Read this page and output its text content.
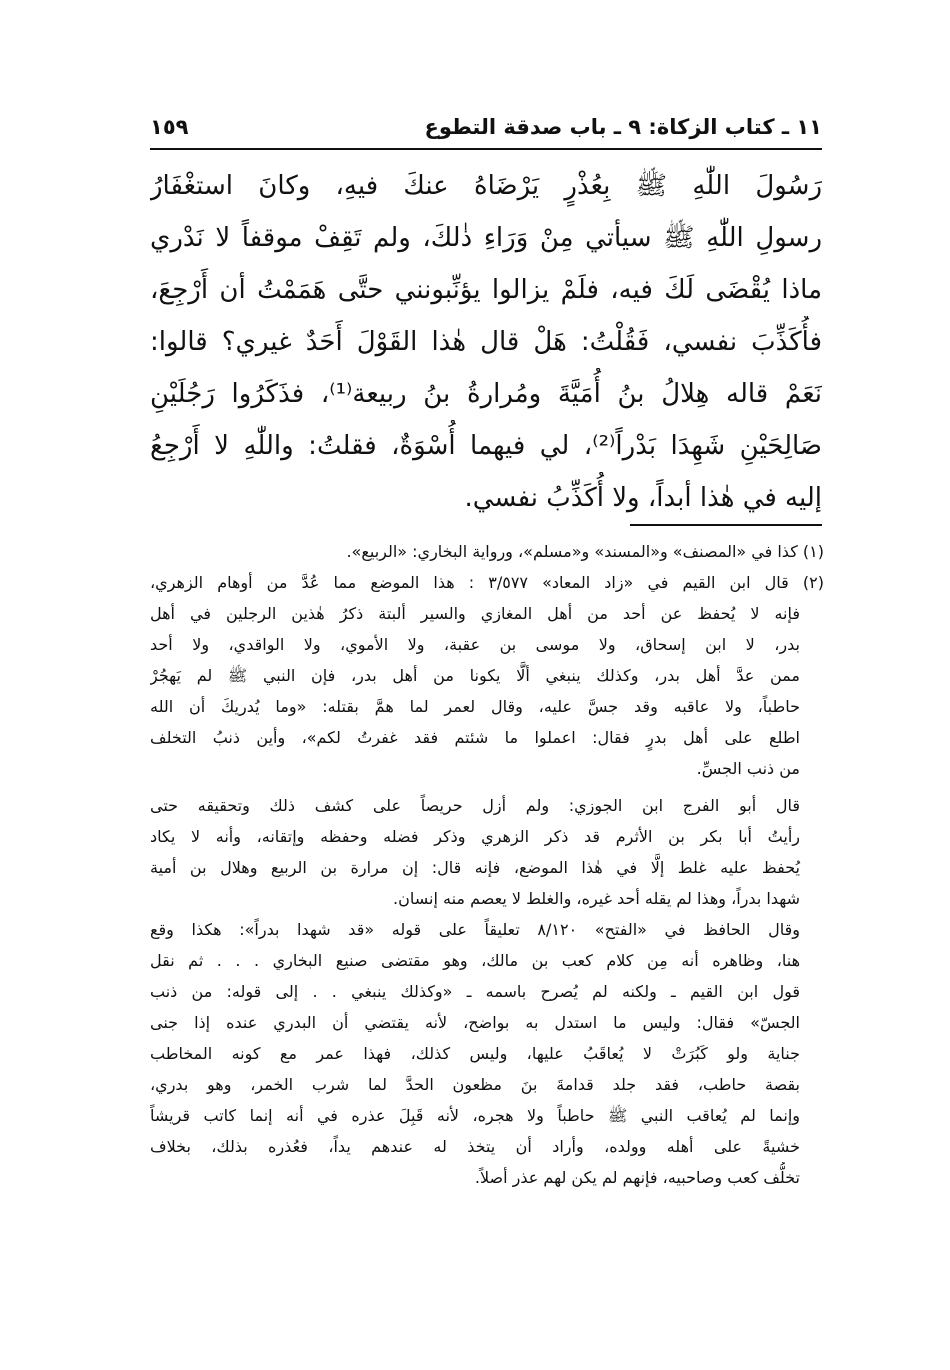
١١ ـ كتاب الزكاة: ٩ ـ باب صدقة التطوع
١٥٩
رَسُولَ اللّٰهِ ﷺ بِعُذْرٍ يَرْضَاهُ عنكَ فيهِ، وكانَ استغْفَارُ
رسولِ اللّٰهِ ﷺ سيأتي مِنْ وَرَاءِ ذٰلكَ، ولم تَقِفْ موقفاً لا نَدْري
ماذا يُقْضَى لَكَ فيه، فلَمْ يزالوا يؤنِّبونني حتَّى هَمَمْتُ أن أَرْجِعَ،
فأُكَذِّبَ نفسي، فَقُلْتُ: هَلْ قال هٰذا القَوْلَ أَحَدٌ غيري؟ قالوا:
نَعَمْ قاله هِلالُ بنُ أُمَيَّةَ ومُرارةُ بنُ ربيعة⁽¹⁾، فذَكَرُوا رَجُلَيْنِ
صَالِحَيْنِ شَهِدَا بَدْراً⁽²⁾، لي فيهما أُسْوَةٌ، فقلتُ: واللّٰهِ لا أَرْجِعُ
إليه في هٰذا أبداً، ولا أُكَذِّبُ نفسي.
(١) كذا في «المصنف» و«المسند» و«مسلم»، ورواية البخاري: «الربيع».
(٢) قال ابن القيم في «زاد المعاد» ٣/٥٧٧ : هذا الموضع مما عُدَّ من أوهام الزهري،
فإنه لا يُحفظ عن أحد من أهل المغازي والسير ألبتة ذكرُ هٰذين الرجلين في أهل
بدر، لا ابن إسحاق، ولا موسى بن عقبة، ولا الأموي، ولا الواقدي، ولا أحد
ممن عدَّ أهل بدر، وكذلك ينبغي ألَّا يكونا من أهل بدر، فإن النبي ﷺ لم يَهجُرْ
حاطباً، ولا عاقبه وقد جسَّ عليه، وقال لعمر لما همَّ بقتله: «وما يُدريكَ أن الله
اطلع على أهل بدرٍ فقال: اعملوا ما شئتم فقد غفرتُ لكم»، وأين ذنبُ التخلف
من ذنب الجسِّ.
قال أبو الفرج ابن الجوزي: ولم أزل حريصاً على كشف ذلك وتحقيقه حتى
رأيتُ أبا بكر بن الأثرم قد ذكر الزهري وذكر فضله وحفظه وإتقانه، وأنه لا يكاد
يُحفظ عليه غلط إلَّا في هٰذا الموضع، فإنه قال: إن مرارة بن الربيع وهلال بن أمية
شهدا بدراً، وهذا لم يقله أحد غيره، والغلط لا يعصم منه إنسان.
وقال الحافظ في «الفتح» ٨/١٢٠ تعليقاً على قوله «قد شهدا بدراً»: هكذا وقع
هنا، وظاهره أنه مِن كلام كعب بن مالك، وهو مقتضى صنيع البخاري . . . ثم نقل
قول ابن القيم ـ ولكنه لم يُصرح باسمه ـ «وكذلك ينبغي . . إلى قوله: من ذنب
الجسّ» فقال: وليس ما استدل به بواضح، لأنه يقتضي أن البدري عنده إذا جنى
جناية ولو كَبُرَتْ لا يُعاقَبُ عليها، وليس كذلك، فهذا عمر مع كونه المخاطب
بقصة حاطب، فقد جلد قدامةَ بنَ مظعون الحدَّ لما شرب الخمر، وهو بدري،
وإنما لم يُعاقب النبي ﷺ حاطباً ولا هجره، لأنه قَبِلَ عذره في أنه إنما كاتب قريشاً
خشيةً على أهله وولده، وأراد أن يتخذ له عندهم يداً، فعُذره بذلك، بخلاف
تخلُّف كعب وصاحبيه، فإنهم لم يكن لهم عذر أصلاً.
